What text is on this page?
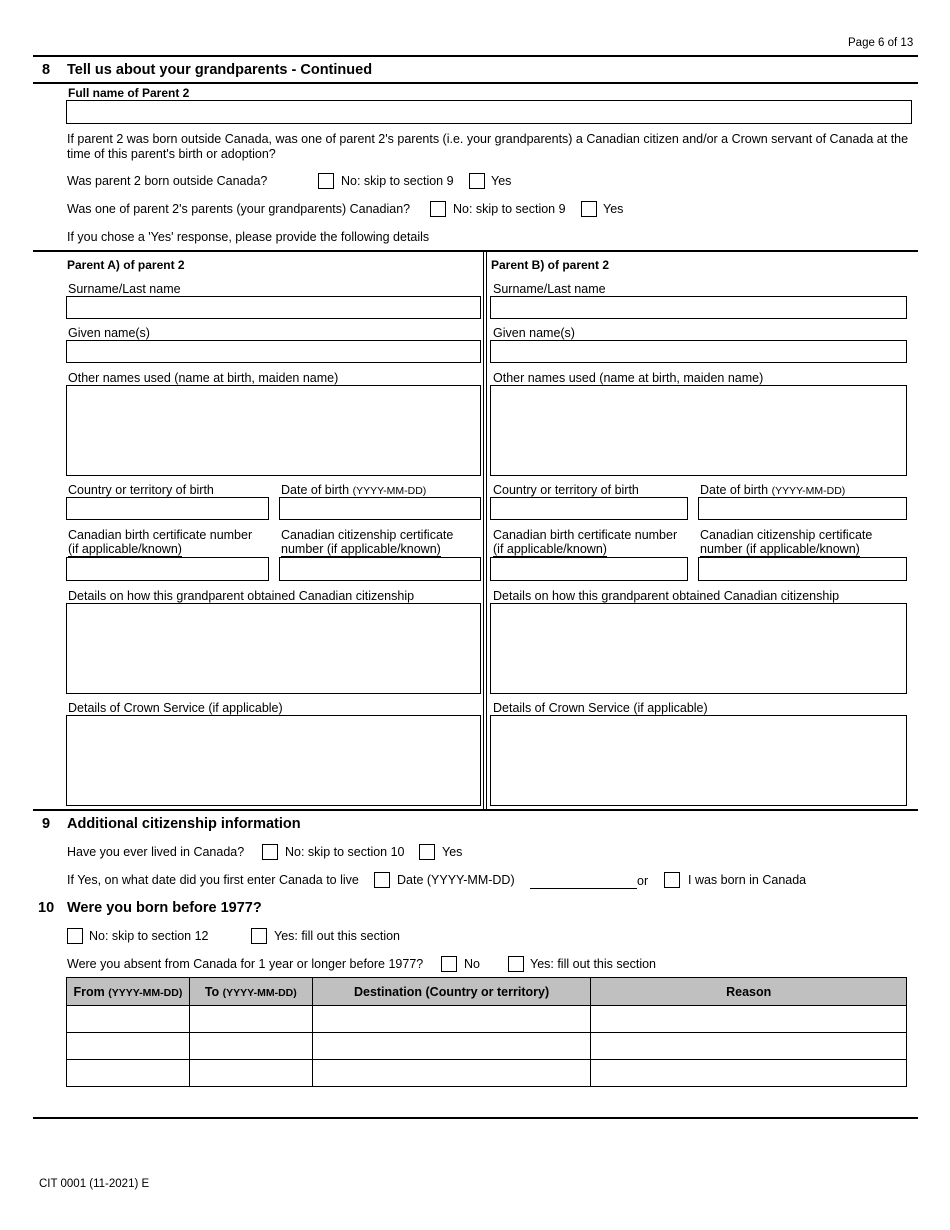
Page 6 of 13
8 Tell us about your grandparents - Continued
Full name of Parent 2
If parent 2 was born outside Canada, was one of parent 2's parents (i.e. your grandparents) a Canadian citizen and/or a Crown servant of Canada at the time of this parent's birth or adoption?
Was parent 2 born outside Canada?	No: skip to section 9	Yes
Was one of parent 2's parents (your grandparents) Canadian?	No: skip to section 9	Yes
If you chose a 'Yes' response, please provide the following details
Parent A) of parent 2
Surname/Last name
Given name(s)
Other names used (name at birth, maiden name)
Country or territory of birth	Date of birth (YYYY-MM-DD)
Canadian birth certificate number
(if applicable/known)
Canadian citizenship certificate
number (if applicable/known)
Details on how this grandparent obtained Canadian citizenship
Details of Crown Service (if applicable)
Parent B) of parent 2
Surname/Last name
Given name(s)
Other names used (name at birth, maiden name)
Country or territory of birth	Date of birth (YYYY-MM-DD)
Canadian birth certificate number
(if applicable/known)
Canadian citizenship certificate
number (if applicable/known)
Details on how this grandparent obtained Canadian citizenship
Details of Crown Service (if applicable)
9 Additional citizenship information
Have you ever lived in Canada?	No: skip to section 10	Yes
If Yes, on what date did you first enter Canada to live	Date (YYYY-MM-DD)	or	I was born in Canada
10 Were you born before 1977?
No: skip to section 12	Yes: fill out this section
Were you absent from Canada for 1 year or longer before 1977?	No	Yes: fill out this section
From (YYYY-MM-DD)	To (YYYY-MM-DD)	Destination (Country or territory)	Reason

CIT 0001 (11-2021) E
